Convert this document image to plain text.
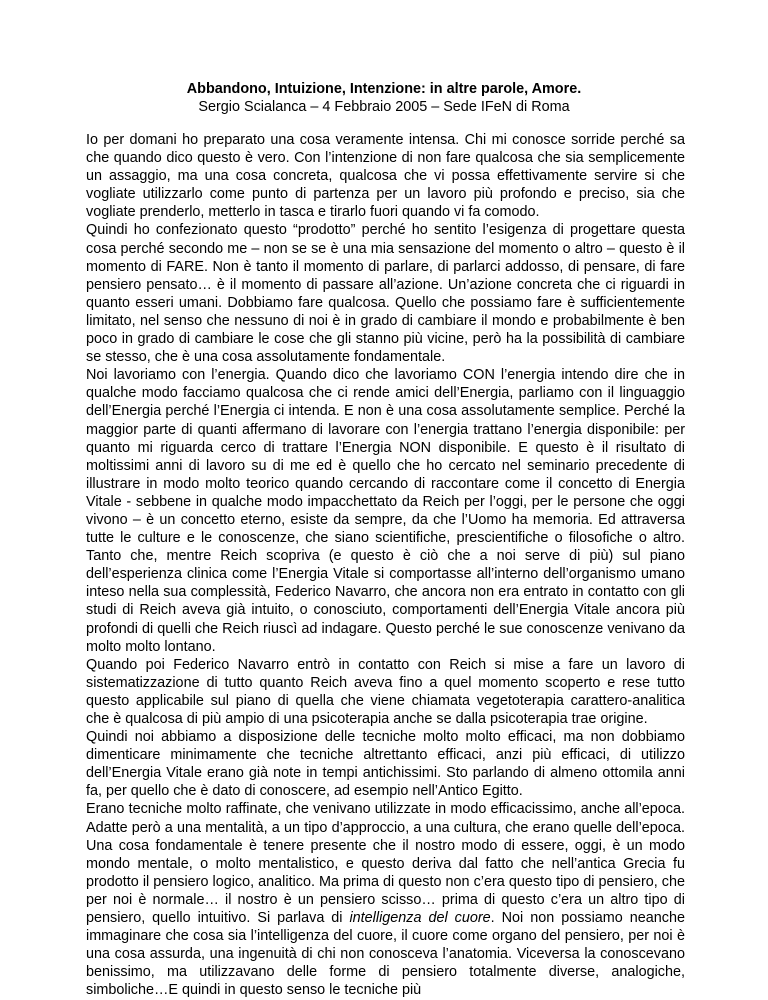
Abbandono, Intuizione, Intenzione: in altre parole, Amore.

Sergio Scialanca – 4 Febbraio 2005 – Sede IFeN di Roma

Io per domani ho preparato una cosa veramente intensa. Chi mi conosce sorride perché sa che quando dico questo è vero. Con l’intenzione di non fare qualcosa che sia semplicemente un assaggio, ma una cosa concreta, qualcosa che vi possa effettivamente servire si che vogliate utilizzarlo come punto di partenza per un lavoro più profondo e preciso, sia che vogliate prenderlo, metterlo in tasca e tirarlo fuori quando vi fa comodo.

Quindi ho confezionato questo “prodotto” perché ho sentito l’esigenza di progettare questa cosa perché secondo me – non se se è una mia sensazione del momento o altro – questo è il momento di FARE. Non è tanto il momento di parlare, di parlarci addosso, di pensare, di fare pensiero pensato… è il momento di passare all’azione. Un’azione concreta che ci riguardi in quanto esseri umani. Dobbiamo fare qualcosa. Quello che possiamo fare è sufficientemente limitato, nel senso che nessuno di noi è in grado di cambiare il mondo e probabilmente è ben poco in grado di cambiare le cose che gli stanno più vicine, però ha la possibilità di cambiare se stesso, che è una cosa assolutamente fondamentale.

Noi lavoriamo con l’energia. Quando dico che lavoriamo CON l’energia intendo dire che in qualche modo facciamo qualcosa che ci rende amici dell’Energia, parliamo con il linguaggio dell’Energia perché l’Energia ci intenda. E non è una cosa assolutamente semplice. Perché la maggior parte di quanti affermano di lavorare con l’energia trattano l’energia disponibile: per quanto mi riguarda cerco di trattare l’Energia NON disponibile. E questo è il risultato di moltissimi anni di lavoro su di me ed è quello che ho cercato nel seminario precedente di illustrare in modo molto teorico quando cercando di raccontare come il concetto di Energia Vitale - sebbene in qualche modo impacchettato da Reich per l’oggi, per le persone che oggi vivono – è un concetto eterno, esiste da sempre, da che l’Uomo ha memoria. Ed attraversa tutte le culture e le conoscenze, che siano scientifiche, prescientifiche o filosofiche o altro. Tanto che, mentre Reich scopriva (e questo è ciò che a noi serve di più) sul piano dell’esperienza clinica come l’Energia Vitale si comportasse all’interno dell’organismo umano inteso nella sua complessità, Federico Navarro, che ancora non era entrato in contatto con gli studi di Reich aveva già intuito, o conosciuto, comportamenti dell’Energia Vitale ancora più profondi di quelli che Reich riuscì ad indagare. Questo perché le sue conoscenze venivano da molto molto lontano.

Quando poi Federico Navarro entrò in contatto con Reich si mise a fare un lavoro di sistematizzazione di tutto quanto Reich aveva fino a quel momento scoperto e rese tutto questo applicabile sul piano di quella che viene chiamata vegetoterapia carattero-analitica che è qualcosa di più ampio di una psicoterapia anche se dalla psicoterapia trae origine.

Quindi noi abbiamo a disposizione delle tecniche molto molto efficaci, ma non dobbiamo dimenticare minimamente che tecniche altrettanto efficaci, anzi più efficaci, di utilizzo dell’Energia Vitale erano già note in tempi antichissimi. Sto parlando di almeno ottomila anni fa, per quello che è dato di conoscere, ad esempio nell’Antico Egitto.

Erano tecniche molto raffinate, che venivano utilizzate in modo efficacissimo, anche all’epoca. Adatte però a una mentalità, a un tipo d’approccio, a una cultura, che erano quelle dell’epoca. Una cosa fondamentale è tenere presente che il nostro modo di essere, oggi, è un modo mondo mentale, o molto mentalistico, e questo deriva dal fatto che nell’antica Grecia fu prodotto il pensiero logico, analitico. Ma prima di questo non c’era questo tipo di pensiero, che per noi è normale… il nostro è un pensiero scisso… prima di questo c’era un altro tipo di pensiero, quello intuitivo. Si parlava di intelligenza del cuore. Noi non possiamo neanche immaginare che cosa sia l’intelligenza del cuore, il cuore come organo del pensiero, per noi è una cosa assurda, una ingenuità di chi non conosceva l’anatomia. Viceversa la conoscevano benissimo, ma utilizzavano delle forme di pensiero totalmente diverse, analogiche, simboliche…E quindi in questo senso le tecniche più
